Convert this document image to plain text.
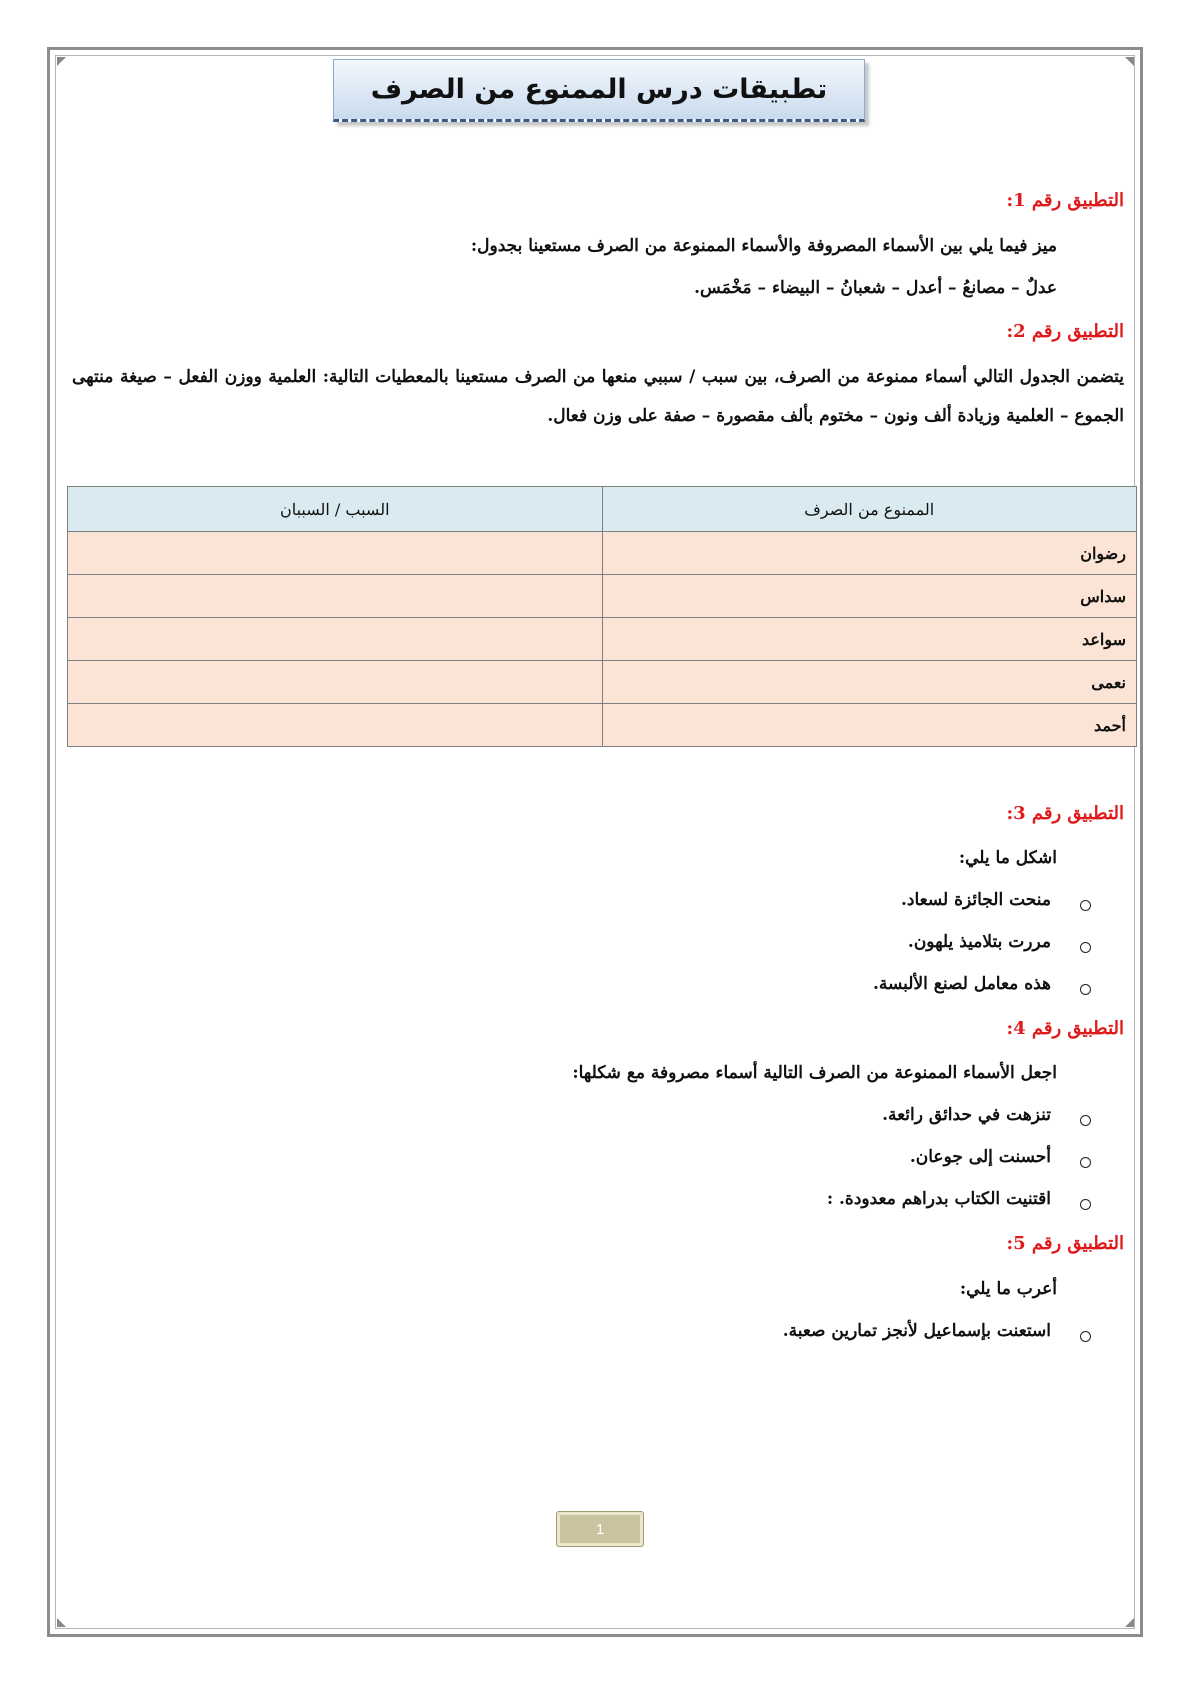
تطبيقات درس الممنوع من الصرف
التطبيق رقم 1:
ميز فيما يلي بين الأسماء المصروفة والأسماء الممنوعة من الصرف مستعينا بجدول:
عدلٌ – مصانعُ – أعدل – شعبانُ – البيضاء – مَخْمَس.
التطبيق رقم 2:
يتضمن الجدول التالي أسماء ممنوعة من الصرف، بين سبب / سببي منعها من الصرف مستعينا بالمعطيات التالية: العلمية ووزن الفعل – صيغة منتهى الجموع – العلمية وزيادة ألف ونون – مختوم بألف مقصورة – صفة على وزن فعال.
الممنوع من الصرف	السبب / السببان
رضوان	
سداس	
سواعد	
نعمى	
أحمد	
التطبيق رقم 3:
اشكل ما يلي:
منحت الجائزة لسعاد.
مررت بتلاميذ يلهون.
هذه معامل لصنع الألبسة.
التطبيق رقم 4:
اجعل الأسماء الممنوعة من الصرف التالية أسماء مصروفة مع شكلها:
تنزهت في حدائق رائعة.
أحسنت إلى جوعان.
اقتنيت الكتاب بدراهم معدودة. :
التطبيق رقم 5:
أعرب ما يلي:
استعنت بإسماعيل لأنجز تمارين صعبة.
1
